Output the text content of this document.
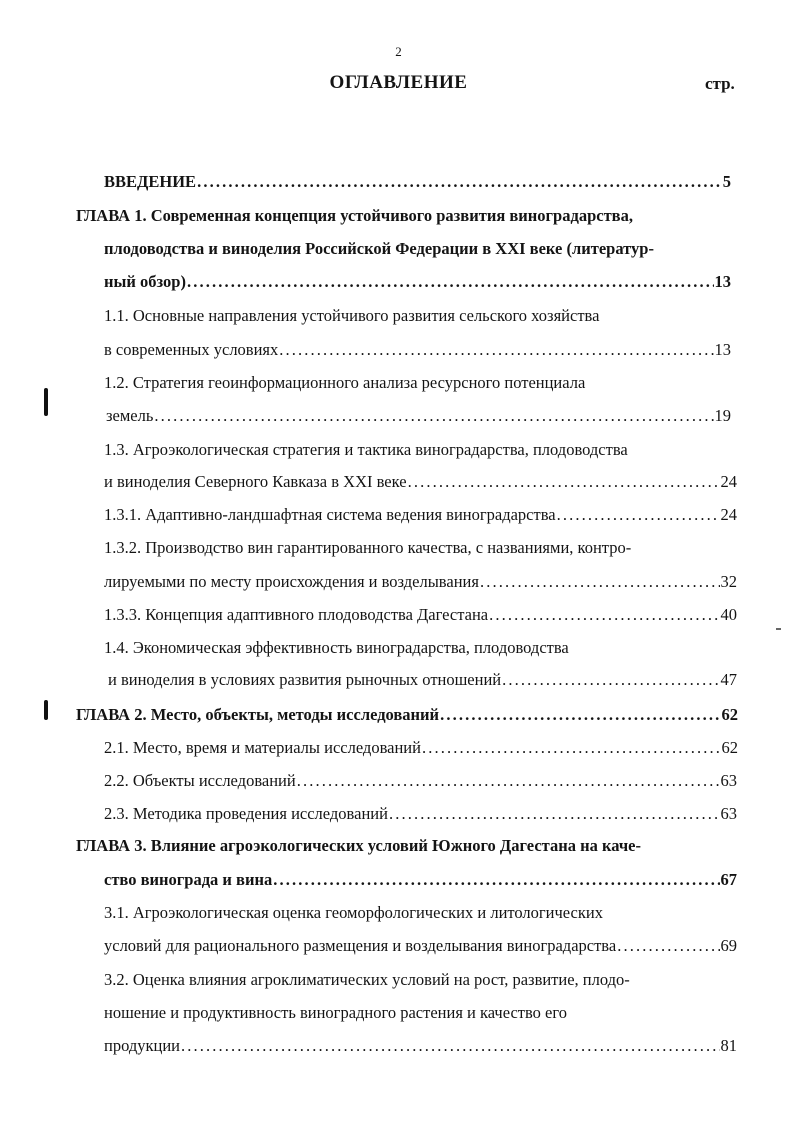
2
ОГЛАВЛЕНИЕ	стр.
ВВЕДЕНИЕ . . .	5
ГЛАВА 1. Современная концепция устойчивого развития виноградарства,
плодоводства и виноделия Российской Федерации в XXI веке (литератур-
ный обзор) . . .	13
1.1. Основные направления устойчивого развития сельского хозяйства
в современных условиях . . .	13
1.2. Стратегия геоинформационного анализа ресурсного потенциала
земель . . .	19
1.3. Агроэкологическая стратегия и тактика виноградарства, плодоводства
и виноделия Северного Кавказа в XXI веке . . .	24
1.3.1. Адаптивно-ландшафтная система ведения виноградарства . . .	24
1.3.2. Производство вин гарантированного качества, с названиями, контро-
лируемыми по месту происхождения и возделывания . . .	32
1.3.3. Концепция адаптивного плодоводства Дагестана . . .	40
1.4. Экономическая эффективность виноградарства, плодоводства
и виноделия в условиях развития рыночных отношений . . .	47
ГЛАВА 2. Место, объекты, методы исследований . . .	62
2.1. Место, время и материалы исследований . . .	62
2.2. Объекты исследований . . .	63
2.3. Методика проведения исследований . . .	63
ГЛАВА 3. Влияние агроэкологических условий Южного Дагестана на каче-
ство винограда и вина . . .	67
3.1. Агроэкологическая оценка геоморфологических и литологических
условий для рационального размещения и возделывания виноградарства . . .	69
3.2. Оценка влияния агроклиматических условий на рост, развитие, плодо-
ношение и продуктивность виноградного растения и качество его
продукции . . .	81
